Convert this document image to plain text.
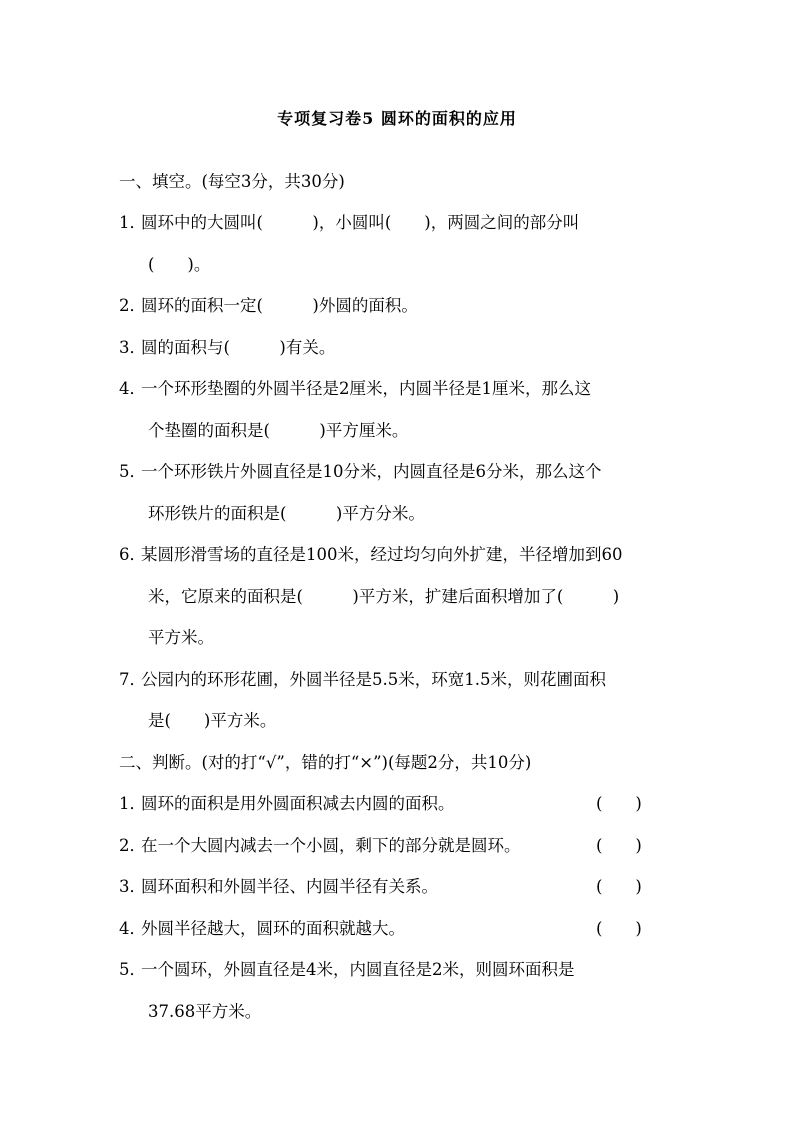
专项复习卷5 圆环的面积的应用
一、填空。(每空3分，共30分)
1．圆环中的大圆叫(　　　)，小圆叫(　　)，两圆之间的部分叫
(　　)。
2．圆环的面积一定(　　　)外圆的面积。
3．圆的面积与(　　　)有关。
4．一个环形垫圈的外圆半径是2厘米，内圆半径是1厘米，那么这
个垫圈的面积是(　　　)平方厘米。
5．一个环形铁片外圆直径是10分米，内圆直径是6分米，那么这个
环形铁片的面积是(　　　)平方分米。
6．某圆形滑雪场的直径是100米，经过均匀向外扩建，半径增加到60
米，它原来的面积是(　　　)平方米，扩建后面积增加了(　　　)
平方米。
7．公园内的环形花圃，外圆半径是5.5米，环宽1.5米，则花圃面积
是(　　)平方米。
二、判断。(对的打“√”，错的打“×”)(每题2分，共10分)
1．圆环的面积是用外圆面积减去内圆的面积。	(　　)
2．在一个大圆内减去一个小圆，剩下的部分就是圆环。	(　　)
3．圆环面积和外圆半径、内圆半径有关系。	(　　)
4．外圆半径越大，圆环的面积就越大。	(　　)
5．一个圆环，外圆直径是4米，内圆直径是2米，则圆环面积是
37.68平方米。
